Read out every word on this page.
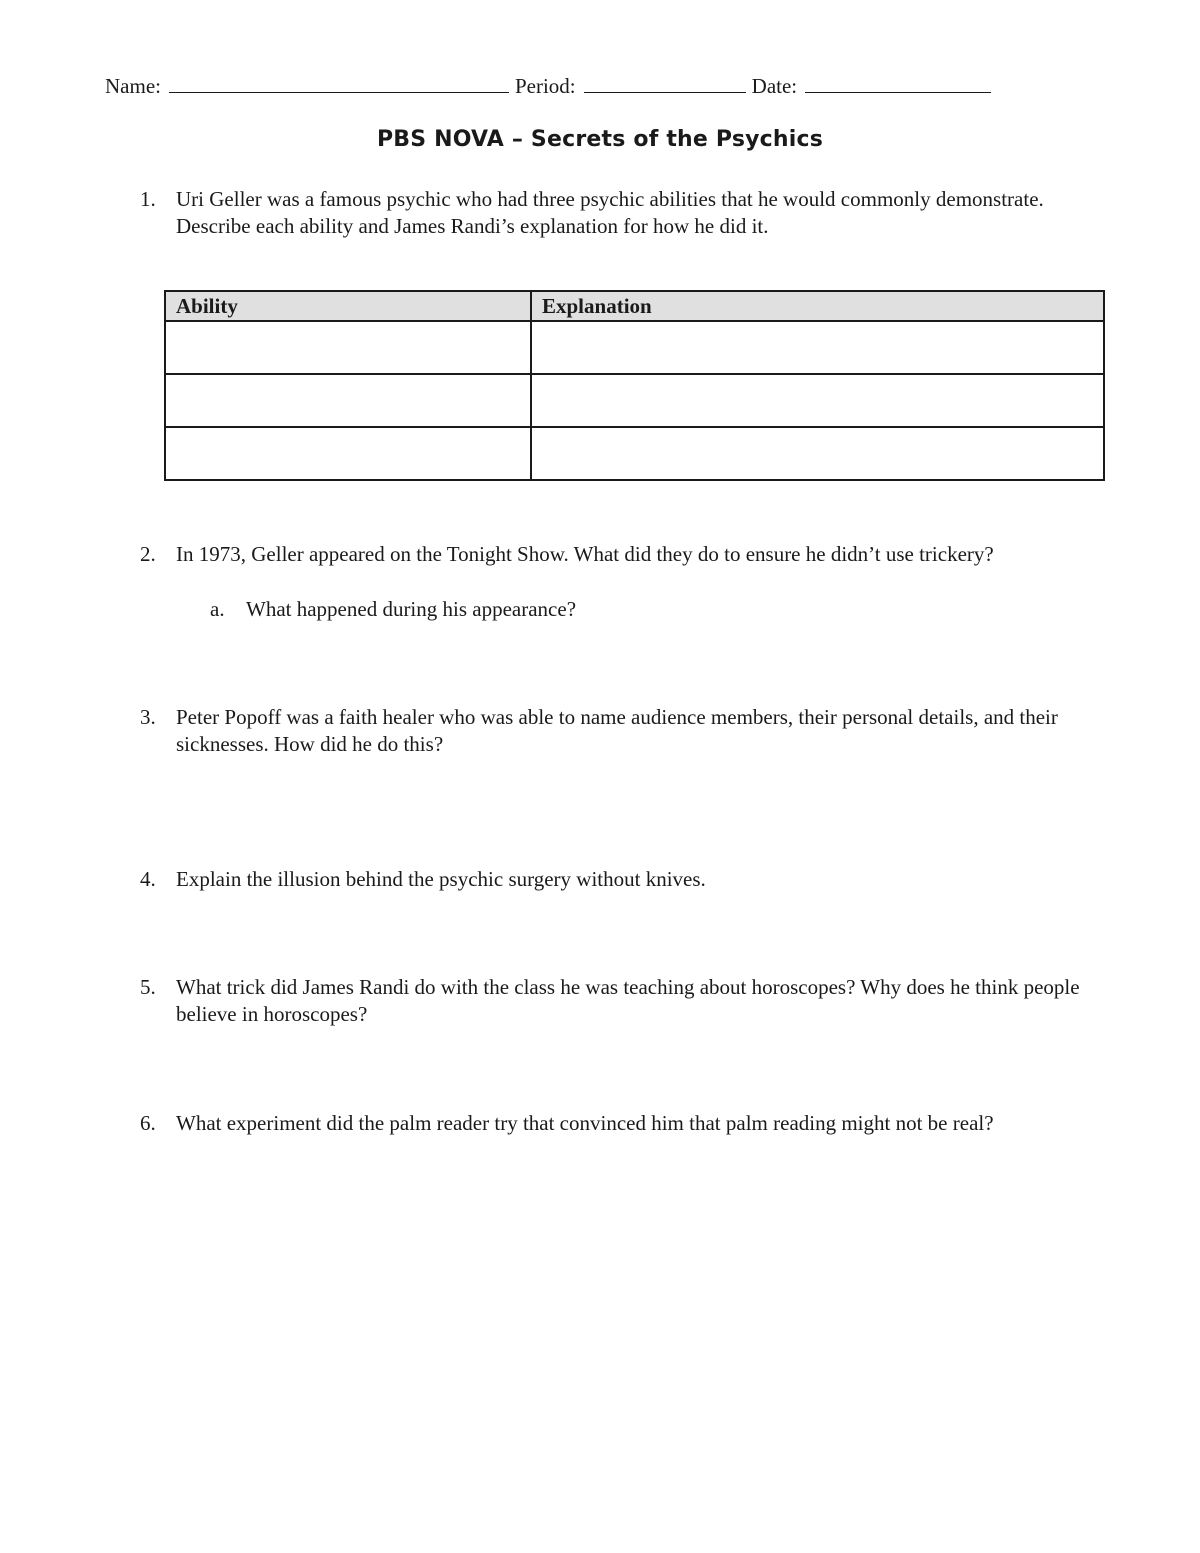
Name:	Period:	Date:
PBS NOVA – Secrets of the Psychics
1. Uri Geller was a famous psychic who had three psychic abilities that he would commonly demonstrate. Describe each ability and James Randi’s explanation for how he did it.
Ability	Explanation

2. In 1973, Geller appeared on the Tonight Show. What did they do to ensure he didn’t use trickery?
a. What happened during his appearance?
3. Peter Popoff was a faith healer who was able to name audience members, their personal details, and their sicknesses. How did he do this?
4. Explain the illusion behind the psychic surgery without knives.
5. What trick did James Randi do with the class he was teaching about horoscopes? Why does he think people believe in horoscopes?
6. What experiment did the palm reader try that convinced him that palm reading might not be real?
